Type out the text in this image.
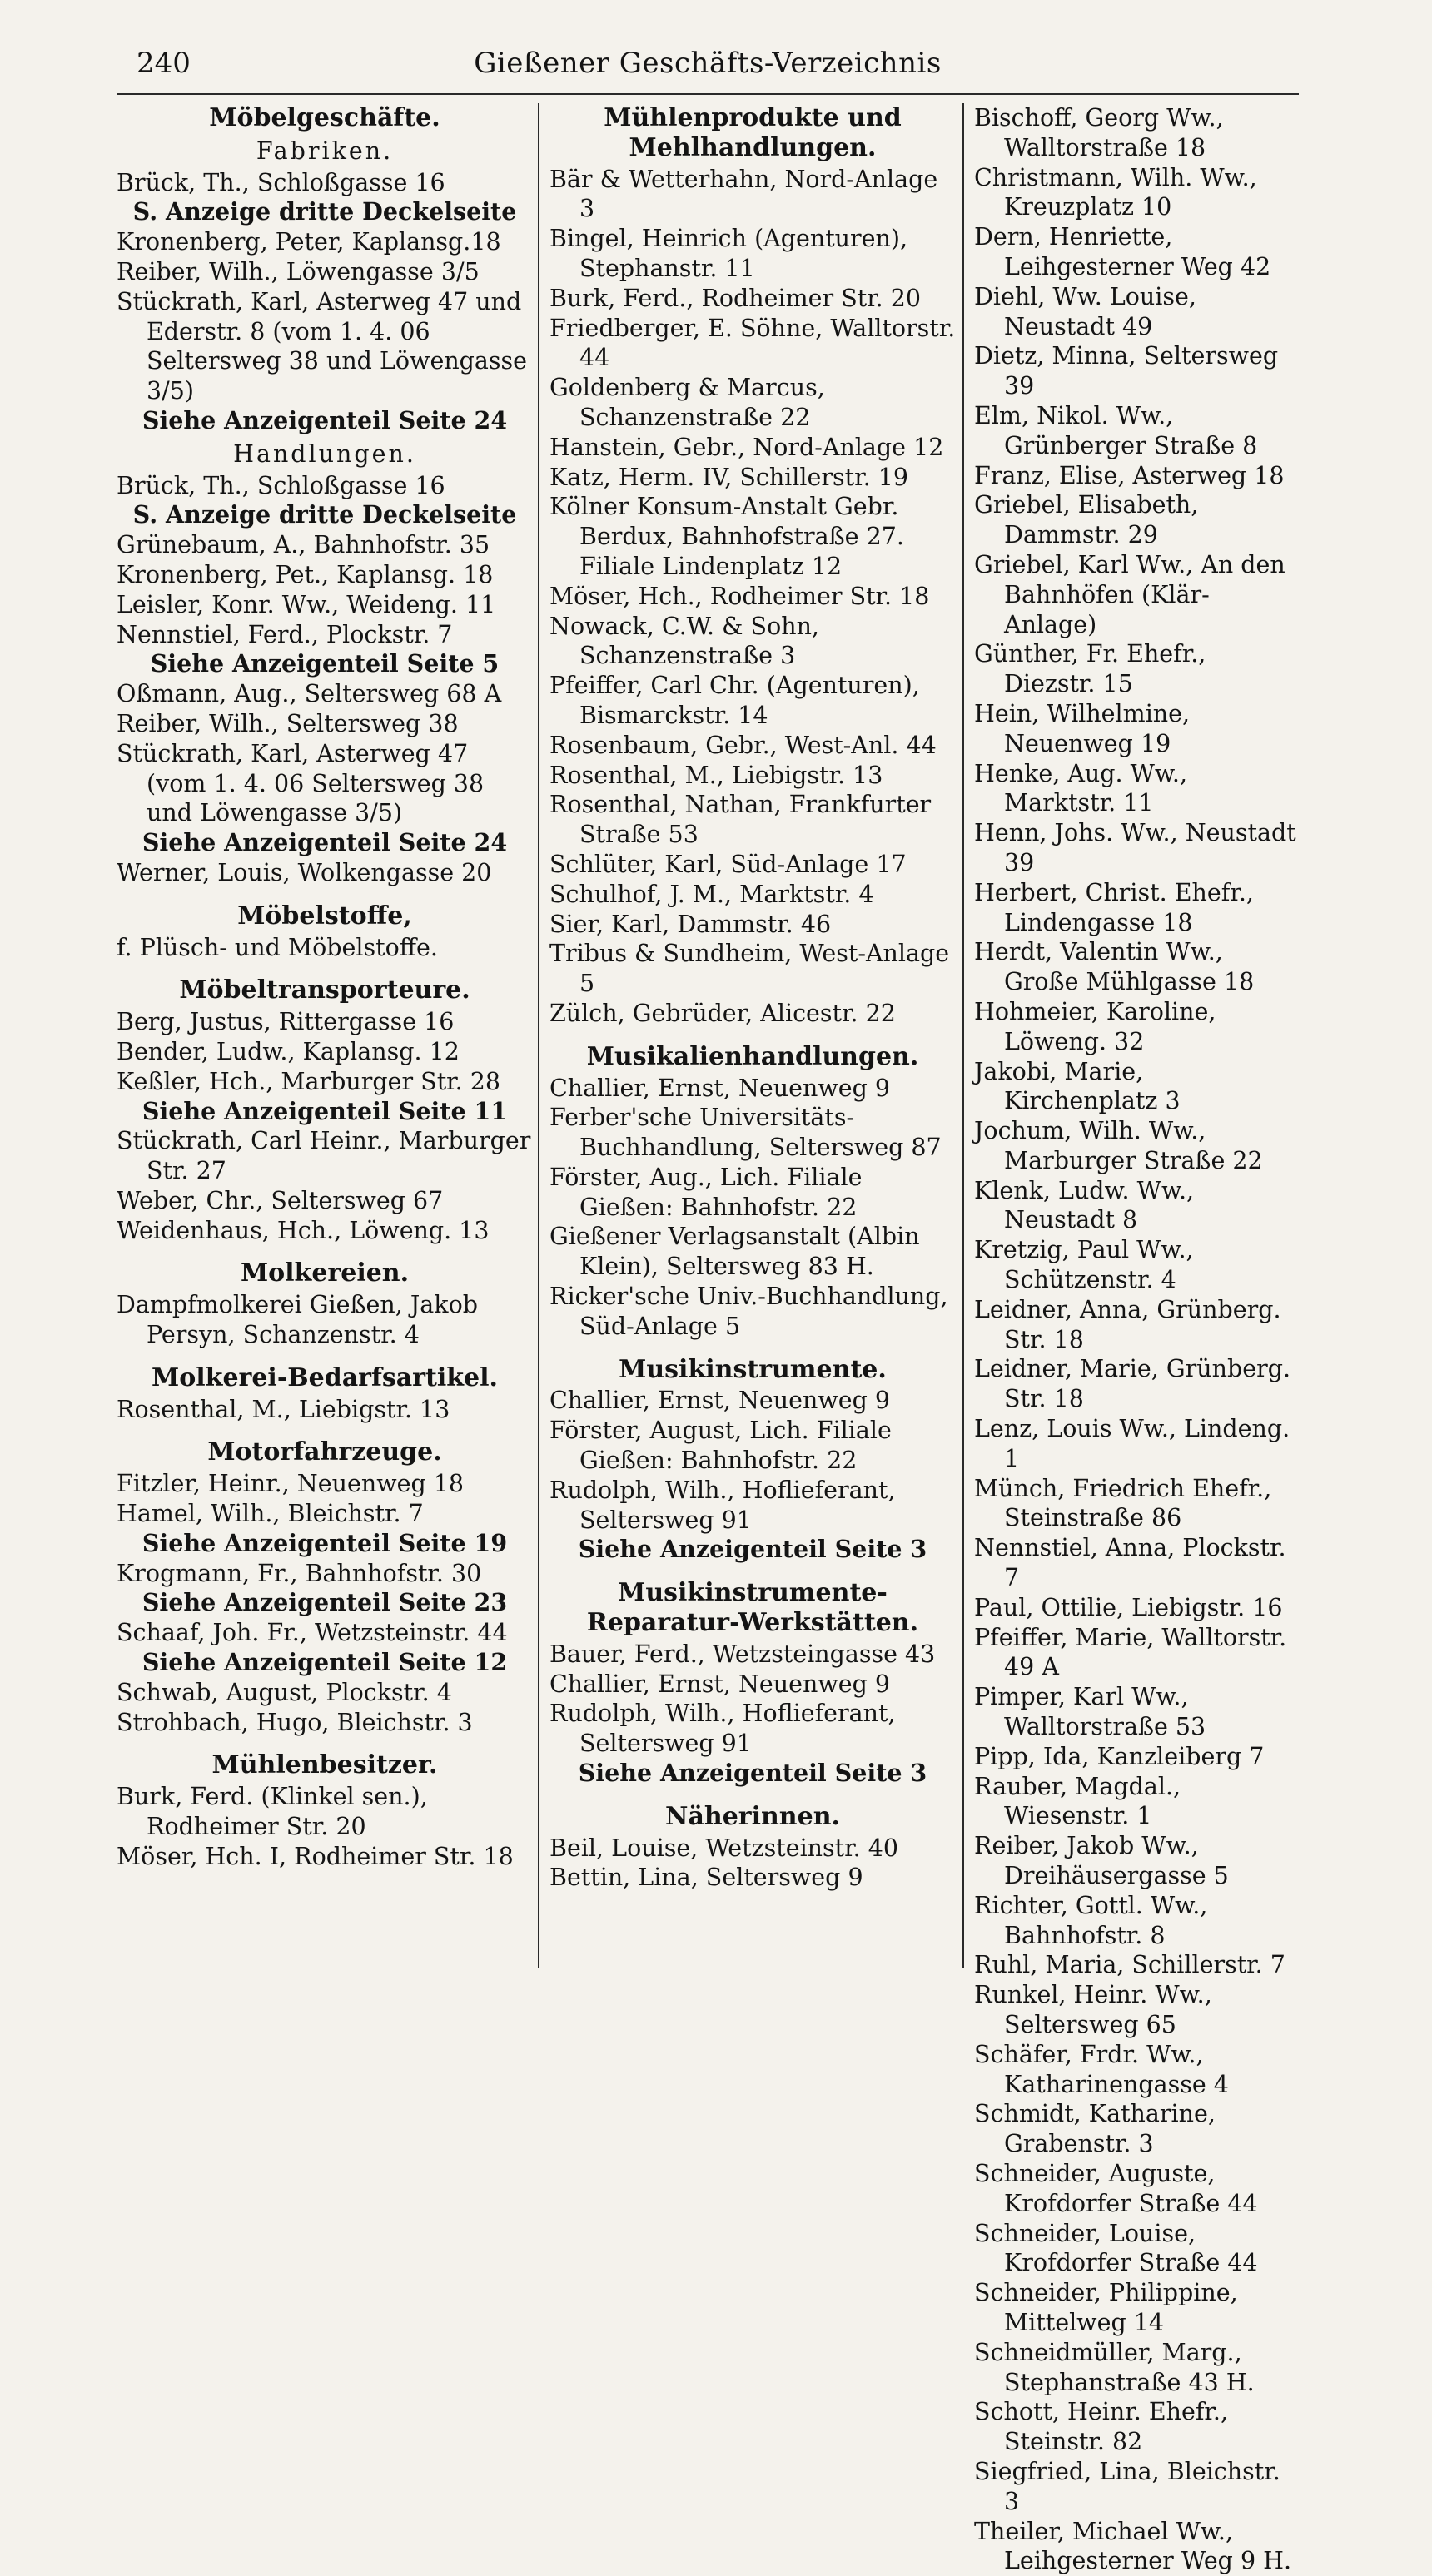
240	Gießener Geschäfts-Verzeichnis
Möbelgeschäfte.
Fabriken.
Brück, Th., Schloßgasse 16
S. Anzeige dritte Deckelseite
Kronenberg, Peter, Kaplansg.18
Reiber, Wilh., Löwengasse 3/5
Stückrath, Karl, Asterweg 47 und Ederstr. 8 (vom 1. 4. 06 Seltersweg 38 und Löwengasse 3/5)
Siehe Anzeigenteil Seite 24
Handlungen.
Brück, Th., Schloßgasse 16
S. Anzeige dritte Deckelseite
Grünebaum, A., Bahnhofstr. 35
Kronenberg, Pet., Kaplansg. 18
Leisler, Konr. Ww., Weideng. 11
Nennstiel, Ferd., Plockstr. 7
Siehe Anzeigenteil Seite 5
Oßmann, Aug., Seltersweg 68 A
Reiber, Wilh., Seltersweg 38
Stückrath, Karl, Asterweg 47 (vom 1. 4. 06 Seltersweg 38 und Löwengasse 3/5)
Siehe Anzeigenteil Seite 24
Werner, Louis, Wolkengasse 20
Möbelstoffe,
f. Plüsch- und Möbelstoffe.
Möbeltransporteure.
Berg, Justus, Rittergasse 16
Bender, Ludw., Kaplansg. 12
Keßler, Hch., Marburger Str. 28
Siehe Anzeigenteil Seite 11
Stückrath, Carl Heinr., Marburger Str. 27
Weber, Chr., Seltersweg 67
Weidenhaus, Hch., Löweng. 13
Molkereien.
Dampfmolkerei Gießen, Jakob Persyn, Schanzenstr. 4
Molkerei-Bedarfsartikel.
Rosenthal, M., Liebigstr. 13
Motorfahrzeuge.
Fitzler, Heinr., Neuenweg 18
Hamel, Wilh., Bleichstr. 7
Siehe Anzeigenteil Seite 19
Krogmann, Fr., Bahnhofstr. 30
Siehe Anzeigenteil Seite 23
Schaaf, Joh. Fr., Wetzsteinstr. 44
Siehe Anzeigenteil Seite 12
Schwab, August, Plockstr. 4
Strohbach, Hugo, Bleichstr. 3
Mühlenbesitzer.
Burk, Ferd. (Klinkel sen.), Rodheimer Str. 20
Möser, Hch. I, Rodheimer Str. 18
Mühlenprodukte und Mehlhandlungen.
Bär & Wetterhahn, Nord-Anlage 3
Bingel, Heinrich (Agenturen), Stephanstr. 11
Burk, Ferd., Rodheimer Str. 20
Friedberger, E. Söhne, Walltorstr. 44
Goldenberg & Marcus, Schanzenstraße 22
Hanstein, Gebr., Nord-Anlage 12
Katz, Herm. IV, Schillerstr. 19
Kölner Konsum-Anstalt Gebr. Berdux, Bahnhofstraße 27. Filiale Lindenplatz 12
Möser, Hch., Rodheimer Str. 18
Nowack, C.W. & Sohn, Schanzenstraße 3
Pfeiffer, Carl Chr. (Agenturen), Bismarckstr. 14
Rosenbaum, Gebr., West-Anl. 44
Rosenthal, M., Liebigstr. 13
Rosenthal, Nathan, Frankfurter Straße 53
Schlüter, Karl, Süd-Anlage 17
Schulhof, J. M., Marktstr. 4
Sier, Karl, Dammstr. 46
Tribus & Sundheim, West-Anlage 5
Zülch, Gebrüder, Alicestr. 22
Musikalienhandlungen.
Challier, Ernst, Neuenweg 9
Ferber'sche Universitäts-Buchhandlung, Seltersweg 87
Förster, Aug., Lich. Filiale Gießen: Bahnhofstr. 22
Gießener Verlagsanstalt (Albin Klein), Seltersweg 83 H.
Ricker'sche Univ.-Buchhandlung, Süd-Anlage 5
Musikinstrumente.
Challier, Ernst, Neuenweg 9
Förster, August, Lich. Filiale Gießen: Bahnhofstr. 22
Rudolph, Wilh., Hoflieferant, Seltersweg 91
Siehe Anzeigenteil Seite 3
Musikinstrumente-Reparatur-Werkstätten.
Bauer, Ferd., Wetzsteingasse 43
Challier, Ernst, Neuenweg 9
Rudolph, Wilh., Hoflieferant, Seltersweg 91
Siehe Anzeigenteil Seite 3
Näherinnen.
Beil, Louise, Wetzsteinstr. 40
Bettin, Lina, Seltersweg 9
Bischoff, Georg Ww., Walltorstraße 18
Christmann, Wilh. Ww., Kreuzplatz 10
Dern, Henriette, Leihgesterner Weg 42
Diehl, Ww. Louise, Neustadt 49
Dietz, Minna, Seltersweg 39
Elm, Nikol. Ww., Grünberger Straße 8
Franz, Elise, Asterweg 18
Griebel, Elisabeth, Dammstr. 29
Griebel, Karl Ww., An den Bahnhöfen (Klär-Anlage)
Günther, Fr. Ehefr., Diezstr. 15
Hein, Wilhelmine, Neuenweg 19
Henke, Aug. Ww., Marktstr. 11
Henn, Johs. Ww., Neustadt 39
Herbert, Christ. Ehefr., Lindengasse 18
Herdt, Valentin Ww., Große Mühlgasse 18
Hohmeier, Karoline, Löweng. 32
Jakobi, Marie, Kirchenplatz 3
Jochum, Wilh. Ww., Marburger Straße 22
Klenk, Ludw. Ww., Neustadt 8
Kretzig, Paul Ww., Schützenstr. 4
Leidner, Anna, Grünberg. Str. 18
Leidner, Marie, Grünberg. Str. 18
Lenz, Louis Ww., Lindeng. 1
Münch, Friedrich Ehefr., Steinstraße 86
Nennstiel, Anna, Plockstr. 7
Paul, Ottilie, Liebigstr. 16
Pfeiffer, Marie, Walltorstr. 49 A
Pimper, Karl Ww., Walltorstraße 53
Pipp, Ida, Kanzleiberg 7
Rauber, Magdal., Wiesenstr. 1
Reiber, Jakob Ww., Dreihäusergasse 5
Richter, Gottl. Ww., Bahnhofstr. 8
Ruhl, Maria, Schillerstr. 7
Runkel, Heinr. Ww., Seltersweg 65
Schäfer, Frdr. Ww., Katharinengasse 4
Schmidt, Katharine, Grabenstr. 3
Schneider, Auguste, Krofdorfer Straße 44
Schneider, Louise, Krofdorfer Straße 44
Schneider, Philippine, Mittelweg 14
Schneidmüller, Marg., Stephanstraße 43 H.
Schott, Heinr. Ehefr., Steinstr. 82
Siegfried, Lina, Bleichstr. 3
Theiler, Michael Ww., Leihgesterner Weg 9 H.
